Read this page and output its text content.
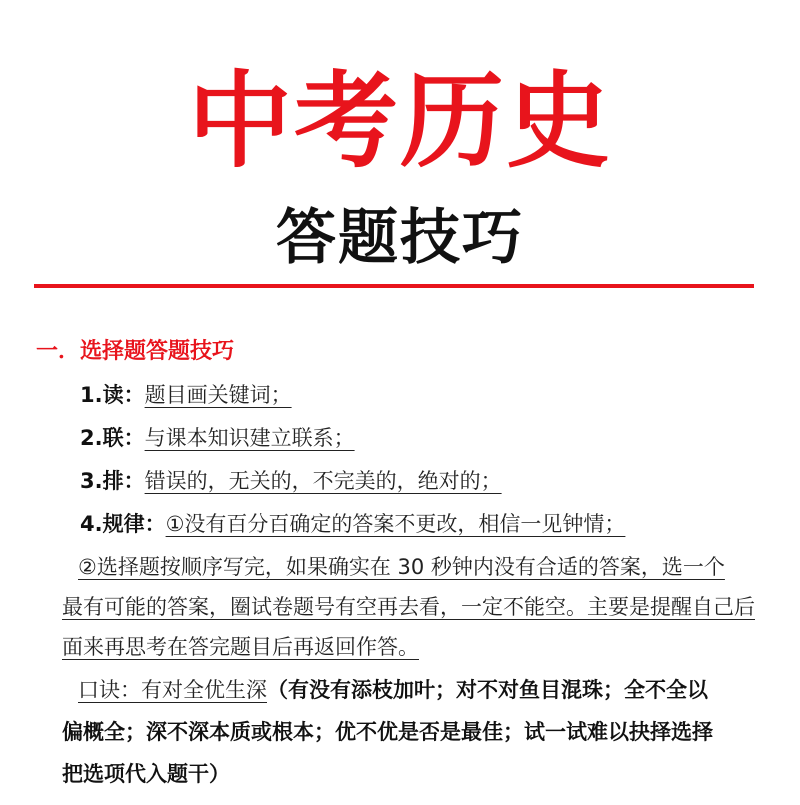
中考历史
答题技巧
一．选择题答题技巧
1.读：题目画关键词；
2.联：与课本知识建立联系；
3.排：错误的，无关的，不完美的，绝对的；
4.规律：①没有百分百确定的答案不更改，相信一见钟情；
②选择题按顺序写完，如果确实在 30 秒钟内没有合适的答案，选一个
最有可能的答案，圈试卷题号有空再去看，一定不能空。主要是提醒自己后
面来再思考在答完题目后再返回作答。
口诀：有对全优生深（有没有添枝加叶；对不对鱼目混珠；全不全以
偏概全；深不深本质或根本；优不优是否是最佳；试一试难以抉择选择
把选项代入题干）
